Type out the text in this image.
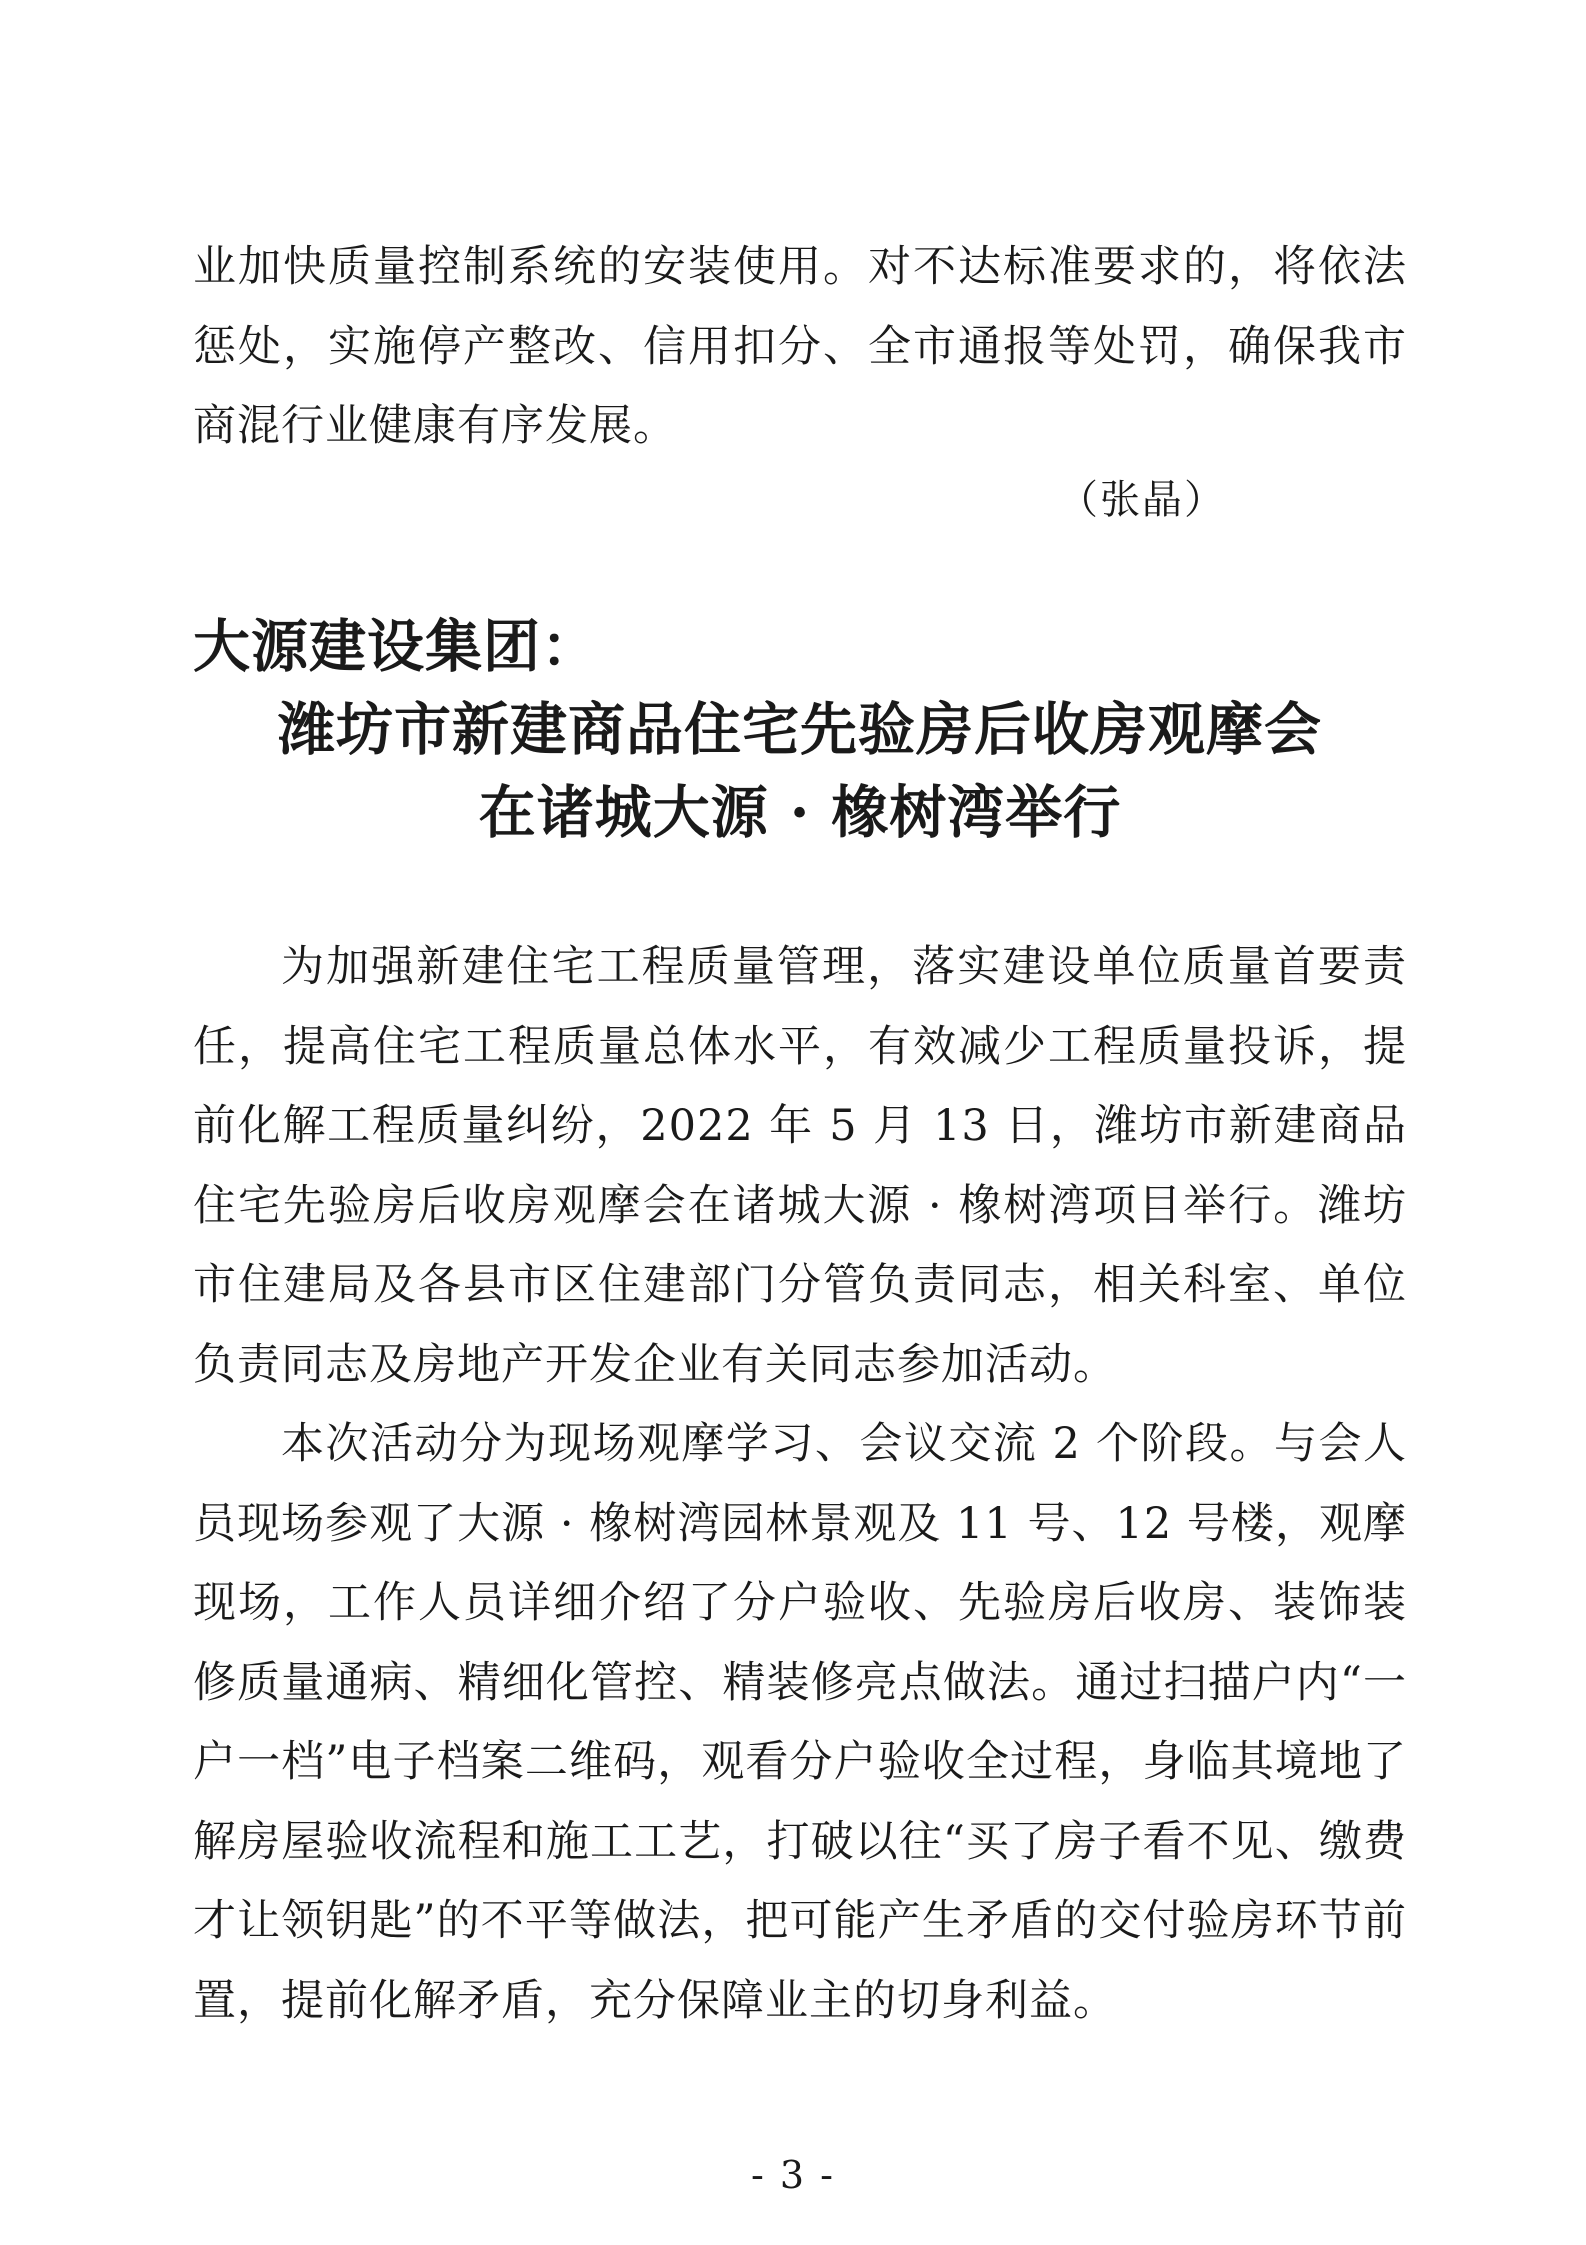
业加快质量控制系统的安装使用。对不达标准要求的，将依法惩处，实施停产整改、信用扣分、全市通报等处罚，确保我市商混行业健康有序发展。

（张晶）
大源建设集团：
潍坊市新建商品住宅先验房后收房观摩会
在诸城大源 · 橡树湾举行

为加强新建住宅工程质量管理，落实建设单位质量首要责任，提高住宅工程质量总体水平，有效减少工程质量投诉，提前化解工程质量纠纷，2022 年 5 月 13 日，潍坊市新建商品住宅先验房后收房观摩会在诸城大源 · 橡树湾项目举行。潍坊市住建局及各县市区住建部门分管负责同志，相关科室、单位负责同志及房地产开发企业有关同志参加活动。

本次活动分为现场观摩学习、会议交流 2 个阶段。与会人员现场参观了大源 · 橡树湾园林景观及 11 号、12 号楼，观摩现场，工作人员详细介绍了分户验收、先验房后收房、装饰装修质量通病、精细化管控、精装修亮点做法。通过扫描户内“一户一档”电子档案二维码，观看分户验收全过程，身临其境地了解房屋验收流程和施工工艺，打破以往“买了房子看不见、缴费才让领钥匙”的不平等做法，把可能产生矛盾的交付验房环节前置，提前化解矛盾，充分保障业主的切身利益。

- 3 -
